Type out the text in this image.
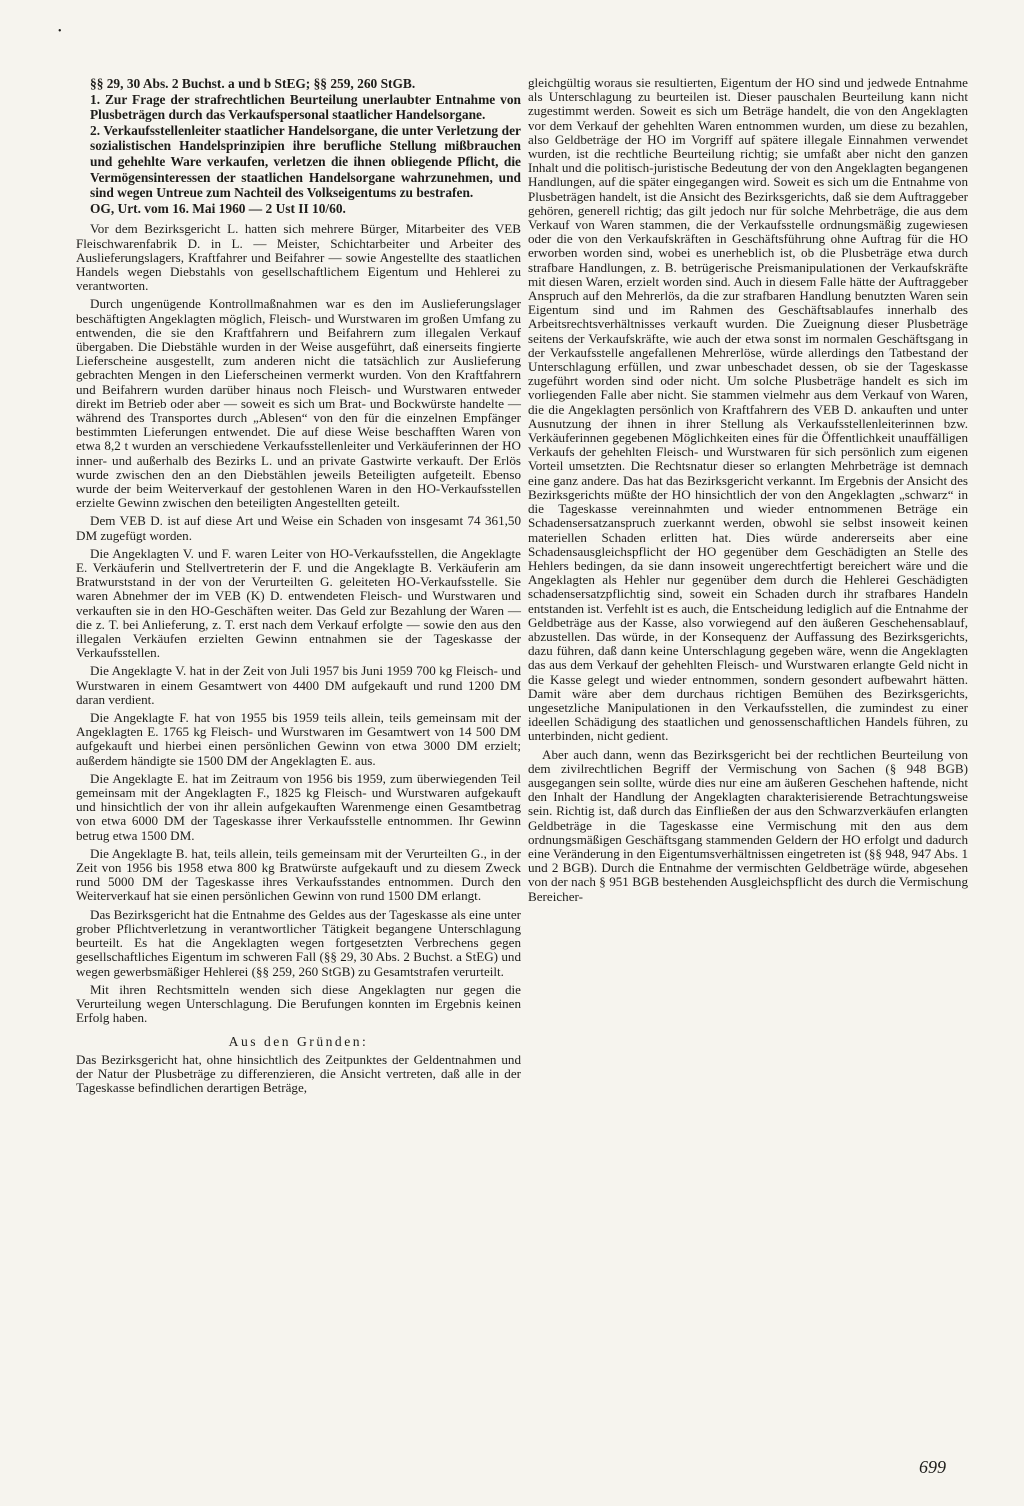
•

§§ 29, 30 Abs. 2 Buchst. a und b StEG; §§ 259, 260 StGB.

1. Zur Frage der strafrechtlichen Beurteilung unerlaubter Entnahme von Plusbeträgen durch das Verkaufspersonal staatlicher Handelsorgane.

2. Verkaufsstellenleiter staatlicher Handelsorgane, die unter Verletzung der sozialistischen Handelsprinzipien ihre berufliche Stellung mißbrauchen und gehehlte Ware verkaufen, verletzen die ihnen obliegende Pflicht, die Vermögensinteressen der staatlichen Handelsorgane wahrzunehmen, und sind wegen Untreue zum Nachteil des Volkseigentums zu bestrafen.

OG, Urt. vom 16. Mai 1960 — 2 Ust II 10/60.

Vor dem Bezirksgericht L. hatten sich mehrere Bürger, Mitarbeiter des VEB Fleischwarenfabrik D. in L. — Meister, Schichtarbeiter und Arbeiter des Auslieferungslagers, Kraftfahrer und Beifahrer — sowie Angestellte des staatlichen Handels wegen Diebstahls von gesellschaftlichem Eigentum und Hehlerei zu verantworten.

Durch ungenügende Kontrollmaßnahmen war es den im Auslieferungslager beschäftigten Angeklagten möglich, Fleisch- und Wurstwaren im großen Umfang zu entwenden, die sie den Kraftfahrern und Beifahrern zum illegalen Verkauf übergaben. Die Diebstähle wurden in der Weise ausgeführt, daß einerseits fingierte Lieferscheine ausgestellt, zum anderen nicht die tatsächlich zur Auslieferung gebrachten Mengen in den Lieferscheinen vermerkt wurden. Von den Kraftfahrern und Beifahrern wurden darüber hinaus noch Fleisch- und Wurstwaren entweder direkt im Betrieb oder aber — soweit es sich um Brat- und Bockwürste handelte — während des Transportes durch „Ablesen“ von den für die einzelnen Empfänger bestimmten Lieferungen entwendet. Die auf diese Weise beschafften Waren von etwa 8,2 t wurden an verschiedene Verkaufsstellenleiter und Verkäuferinnen der HO inner- und außerhalb des Bezirks L. und an private Gastwirte verkauft. Der Erlös wurde zwischen den an den Diebstählen jeweils Beteiligten aufgeteilt. Ebenso wurde der beim Weiterverkauf der gestohlenen Waren in den HO-Verkaufsstellen erzielte Gewinn zwischen den beteiligten Angestellten geteilt.

Dem VEB D. ist auf diese Art und Weise ein Schaden von insgesamt 74 361,50 DM zugefügt worden.

Die Angeklagten V. und F. waren Leiter von HO-Verkaufsstellen, die Angeklagte E. Verkäuferin und Stellvertreterin der F. und die Angeklagte B. Verkäuferin am Bratwurststand in der von der Verurteilten G. geleiteten HO-Verkaufsstelle. Sie waren Abnehmer der im VEB (K) D. entwendeten Fleisch- und Wurstwaren und verkauften sie in den HO-Geschäften weiter. Das Geld zur Bezahlung der Waren — die z. T. bei Anlieferung, z. T. erst nach dem Verkauf erfolgte — sowie den aus den illegalen Verkäufen erzielten Gewinn entnahmen sie der Tageskasse der Verkaufsstellen.

Die Angeklagte V. hat in der Zeit von Juli 1957 bis Juni 1959 700 kg Fleisch- und Wurstwaren in einem Gesamtwert von 4400 DM aufgekauft und rund 1200 DM daran verdient.

Die Angeklagte F. hat von 1955 bis 1959 teils allein, teils gemeinsam mit der Angeklagten E. 1765 kg Fleisch- und Wurstwaren im Gesamtwert von 14 500 DM aufgekauft und hierbei einen persönlichen Gewinn von etwa 3000 DM erzielt; außerdem händigte sie 1500 DM der Angeklagten E. aus.

Die Angeklagte E. hat im Zeitraum von 1956 bis 1959, zum überwiegenden Teil gemeinsam mit der Angeklagten F., 1825 kg Fleisch- und Wurstwaren aufgekauft und hinsichtlich der von ihr allein aufgekauften Warenmenge einen Gesamtbetrag von etwa 6000 DM der Tageskasse ihrer Verkaufsstelle entnommen. Ihr Gewinn betrug etwa 1500 DM.

Die Angeklagte B. hat, teils allein, teils gemeinsam mit der Verurteilten G., in der Zeit von 1956 bis 1958 etwa 800 kg Bratwürste aufgekauft und zu diesem Zweck rund 5000 DM der Tageskasse ihres Verkaufsstandes entnommen. Durch den Weiterverkauf hat sie einen persönlichen Gewinn von rund 1500 DM erlangt.

Das Bezirksgericht hat die Entnahme des Geldes aus der Tageskasse als eine unter grober Pflichtverletzung in verantwortlicher Tätigkeit begangene Unterschlagung beurteilt. Es hat die Angeklagten wegen fortgesetzten Verbrechens gegen gesellschaftliches Eigentum im schweren Fall (§§ 29, 30 Abs. 2 Buchst. a StEG) und wegen gewerbsmäßiger Hehlerei (§§ 259, 260 StGB) zu Gesamtstrafen verurteilt.

Mit ihren Rechtsmitteln wenden sich diese Angeklagten nur gegen die Verurteilung wegen Unterschlagung. Die Berufungen konnten im Ergebnis keinen Erfolg haben.

Aus den Gründen:

Das Bezirksgericht hat, ohne hinsichtlich des Zeitpunktes der Geldentnahmen und der Natur der Plusbeträge zu differenzieren, die Ansicht vertreten, daß alle in der Tageskasse befindlichen derartigen Beträge,

gleichgültig woraus sie resultierten, Eigentum der HO sind und jedwede Entnahme als Unterschlagung zu beurteilen ist. Dieser pauschalen Beurteilung kann nicht zugestimmt werden. Soweit es sich um Beträge handelt, die von den Angeklagten vor dem Verkauf der gehehlten Waren entnommen wurden, um diese zu bezahlen, also Geldbeträge der HO im Vorgriff auf spätere illegale Einnahmen verwendet wurden, ist die rechtliche Beurteilung richtig; sie umfaßt aber nicht den ganzen Inhalt und die politisch-juristische Bedeutung der von den Angeklagten begangenen Handlungen, auf die später eingegangen wird. Soweit es sich um die Entnahme von Plusbeträgen handelt, ist die Ansicht des Bezirksgerichts, daß sie dem Auftraggeber gehören, generell richtig; das gilt jedoch nur für solche Mehrbeträge, die aus dem Verkauf von Waren stammen, die der Verkaufsstelle ordnungsmäßig zugewiesen oder die von den Verkaufskräften in Geschäftsführung ohne Auftrag für die HO erworben worden sind, wobei es unerheblich ist, ob die Plusbeträge etwa durch strafbare Handlungen, z. B. betrügerische Preismanipulationen der Verkaufskräfte mit diesen Waren, erzielt worden sind. Auch in diesem Falle hätte der Auftraggeber Anspruch auf den Mehrerlös, da die zur strafbaren Handlung benutzten Waren sein Eigentum sind und im Rahmen des Geschäftsablaufes innerhalb des Arbeitsrechtsverhältnisses verkauft wurden. Die Zueignung dieser Plusbeträge seitens der Verkaufskräfte, wie auch der etwa sonst im normalen Geschäftsgang in der Verkaufsstelle angefallenen Mehrerlöse, würde allerdings den Tatbestand der Unterschlagung erfüllen, und zwar unbeschadet dessen, ob sie der Tageskasse zugeführt worden sind oder nicht. Um solche Plusbeträge handelt es sich im vorliegenden Falle aber nicht. Sie stammen vielmehr aus dem Verkauf von Waren, die die Angeklagten persönlich von Kraftfahrern des VEB D. ankauften und unter Ausnutzung der ihnen in ihrer Stellung als Verkaufsstellenleiterinnen bzw. Verkäuferinnen gegebenen Möglichkeiten eines für die Öffentlichkeit unauffälligen Verkaufs der gehehlten Fleisch- und Wurstwaren für sich persönlich zum eigenen Vorteil umsetzten. Die Rechtsnatur dieser so erlangten Mehrbeträge ist demnach eine ganz andere. Das hat das Bezirksgericht verkannt. Im Ergebnis der Ansicht des Bezirksgerichts müßte der HO hinsichtlich der von den Angeklagten „schwarz“ in die Tageskasse vereinnahmten und wieder entnommenen Beträge ein Schadensersatzanspruch zuerkannt werden, obwohl sie selbst insoweit keinen materiellen Schaden erlitten hat. Dies würde andererseits aber eine Schadensausgleichspflicht der HO gegenüber dem Geschädigten an Stelle des Hehlers bedingen, da sie dann insoweit ungerechtfertigt bereichert wäre und die Angeklagten als Hehler nur gegenüber dem durch die Hehlerei Geschädigten schadensersatzpflichtig sind, soweit ein Schaden durch ihr strafbares Handeln entstanden ist. Verfehlt ist es auch, die Entscheidung lediglich auf die Entnahme der Geldbeträge aus der Kasse, also vorwiegend auf den äußeren Geschehensablauf, abzustellen. Das würde, in der Konsequenz der Auffassung des Bezirksgerichts, dazu führen, daß dann keine Unterschlagung gegeben wäre, wenn die Angeklagten das aus dem Verkauf der gehehlten Fleisch- und Wurstwaren erlangte Geld nicht in die Kasse gelegt und wieder entnommen, sondern gesondert aufbewahrt hätten. Damit wäre aber dem durchaus richtigen Bemühen des Bezirksgerichts, ungesetzliche Manipulationen in den Verkaufsstellen, die zumindest zu einer ideellen Schädigung des staatlichen und genossenschaftlichen Handels führen, zu unterbinden, nicht gedient.

Aber auch dann, wenn das Bezirksgericht bei der rechtlichen Beurteilung von dem zivilrechtlichen Begriff der Vermischung von Sachen (§ 948 BGB) ausgegangen sein sollte, würde dies nur eine am äußeren Geschehen haftende, nicht den Inhalt der Handlung der Angeklagten charakterisierende Betrachtungsweise sein. Richtig ist, daß durch das Einfließen der aus den Schwarzverkäufen erlangten Geldbeträge in die Tageskasse eine Vermischung mit den aus dem ordnungsmäßigen Geschäftsgang stammenden Geldern der HO erfolgt und dadurch eine Veränderung in den Eigentumsverhältnissen eingetreten ist (§§ 948, 947 Abs. 1 und 2 BGB). Durch die Entnahme der vermischten Geldbeträge würde, abgesehen von der nach § 951 BGB bestehenden Ausgleichspflicht des durch die Vermischung Bereicher-

699
